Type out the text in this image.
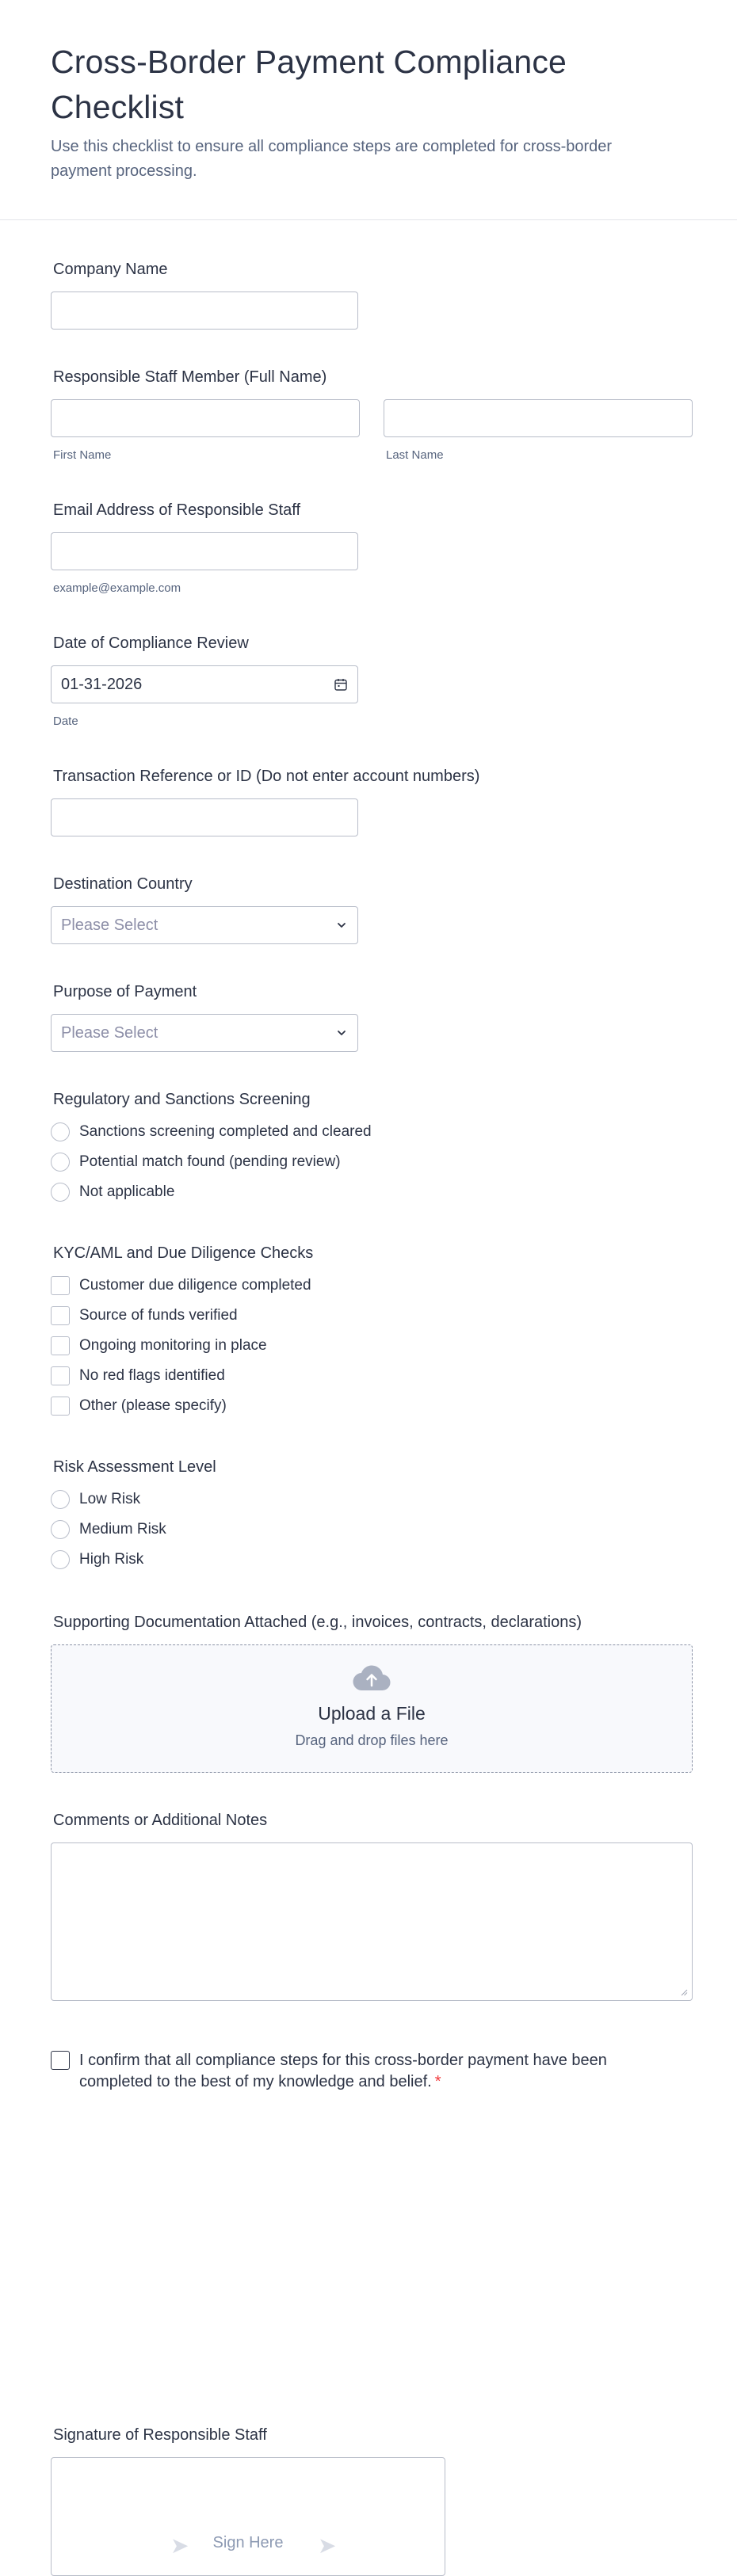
Cross-Border Payment Compliance Checklist

Use this checklist to ensure all compliance steps are completed for cross-border payment processing.

Company Name
Responsible Staff Member (Full Name)
First Name	Last Name
Email Address of Responsible Staff
example@example.com
Date of Compliance Review
01-31-2026
Date
Transaction Reference or ID (Do not enter account numbers)
Destination Country
Please Select
Purpose of Payment
Please Select
Regulatory and Sanctions Screening
Sanctions screening completed and cleared
Potential match found (pending review)
Not applicable
KYC/AML and Due Diligence Checks
Customer due diligence completed
Source of funds verified
Ongoing monitoring in place
No red flags identified
Other (please specify)
Risk Assessment Level
Low Risk
Medium Risk
High Risk
Supporting Documentation Attached (e.g., invoices, contracts, declarations)
Upload a File
Drag and drop files here
Comments or Additional Notes
I confirm that all compliance steps for this cross-border payment have been completed to the best of my knowledge and belief. *
Signature of Responsible Staff
➤	Sign Here	➤
